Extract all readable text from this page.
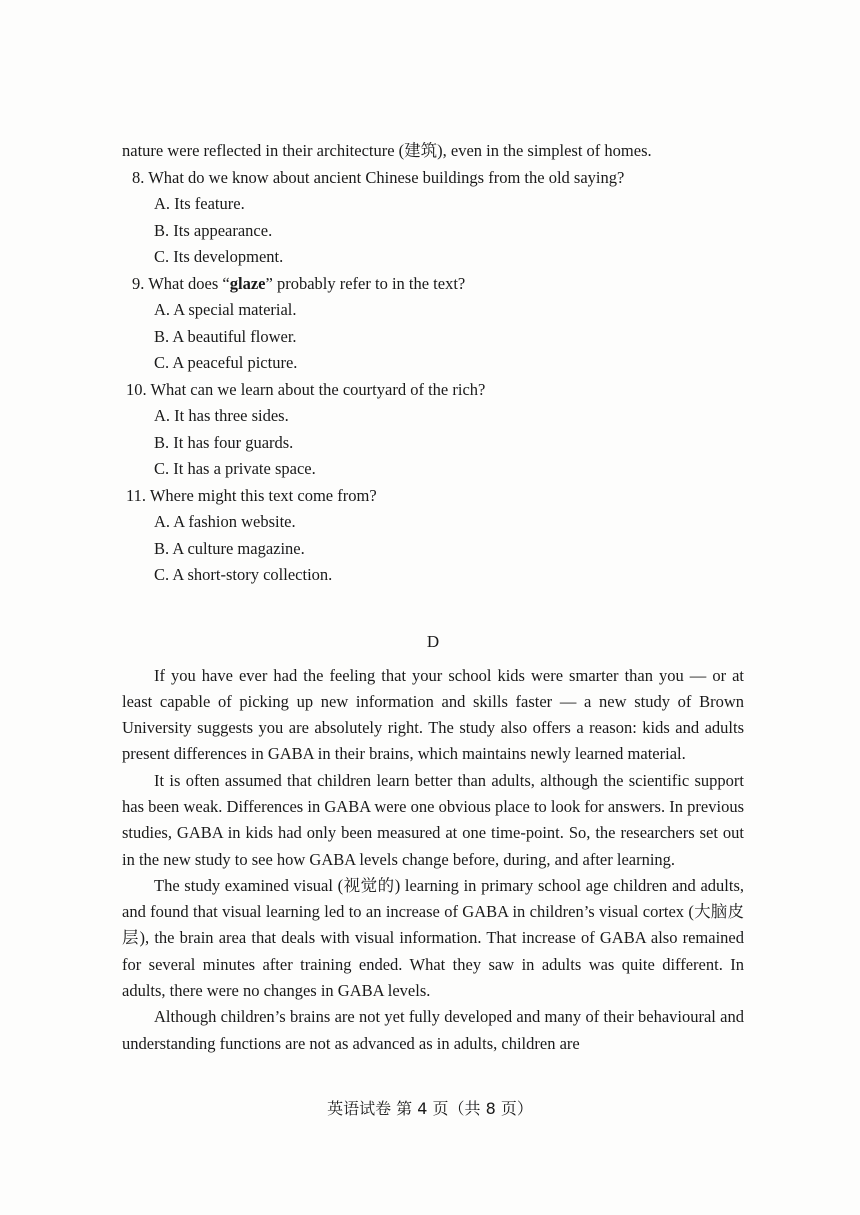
nature were reflected in their architecture (建筑), even in the simplest of homes.
8. What do we know about ancient Chinese buildings from the old saying?
A. Its feature.
B. Its appearance.
C. Its development.
9. What does “glaze” probably refer to in the text?
A. A special material.
B. A beautiful flower.
C. A peaceful picture.
10. What can we learn about the courtyard of the rich?
A. It has three sides.
B. It has four guards.
C. It has a private space.
11. Where might this text come from?
A. A fashion website.
B. A culture magazine.
C. A short-story collection.
D

If you have ever had the feeling that your school kids were smarter than you — or at least capable of picking up new information and skills faster — a new study of Brown University suggests you are absolutely right. The study also offers a reason: kids and adults present differences in GABA in their brains, which maintains newly learned material.

It is often assumed that children learn better than adults, although the scientific support has been weak. Differences in GABA were one obvious place to look for answers. In previous studies, GABA in kids had only been measured at one time-point. So, the researchers set out in the new study to see how GABA levels change before, during, and after learning.

The study examined visual (视觉的) learning in primary school age children and adults, and found that visual learning led to an increase of GABA in children’s visual cortex (大脑皮层), the brain area that deals with visual information. That increase of GABA also remained for several minutes after training ended. What they saw in adults was quite different. In adults, there were no changes in GABA levels.

Although children’s brains are not yet fully developed and many of their behavioural and understanding functions are not as advanced as in adults, children are

英语试卷 第 4 页（共 8 页）
